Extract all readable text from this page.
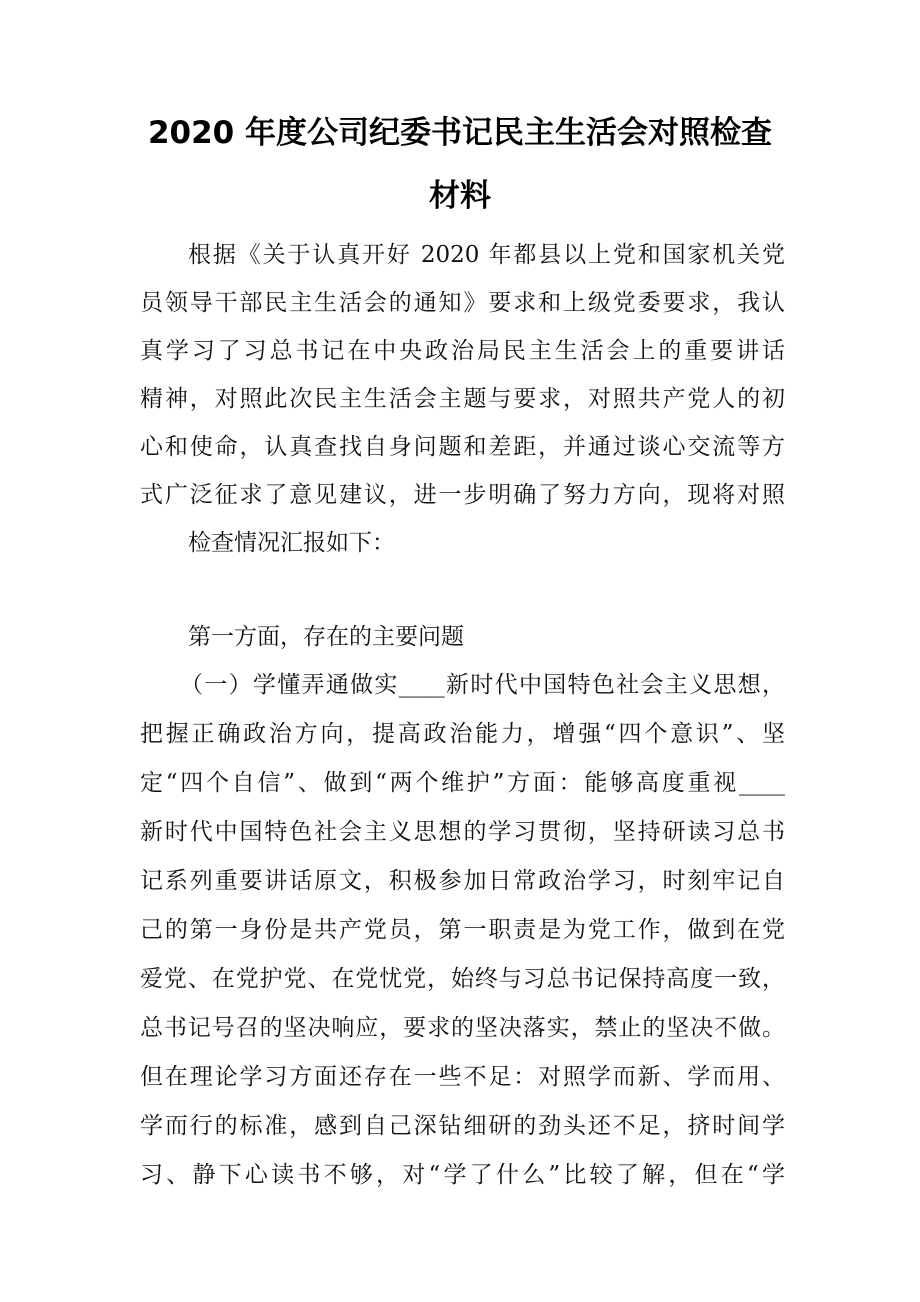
2020 年度公司纪委书记民主生活会对照检查
材料
根据《关于认真开好 2020 年都县以上党和国家机关党
员领导干部民主生活会的通知》要求和上级党委要求，我认
真学习了习总书记在中央政治局民主生活会上的重要讲话
精神，对照此次民主生活会主题与要求，对照共产党人的初
心和使命，认真查找自身问题和差距，并通过谈心交流等方
式广泛征求了意见建议，进一步明确了努力方向，现将对照
检查情况汇报如下：
第一方面，存在的主要问题
（一）学懂弄通做实____新时代中国特色社会主义思想，
把握正确政治方向，提高政治能力，增强“四个意识”、坚
定“四个自信”、做到“两个维护”方面：能够高度重视____
新时代中国特色社会主义思想的学习贯彻，坚持研读习总书
记系列重要讲话原文，积极参加日常政治学习，时刻牢记自
己的第一身份是共产党员，第一职责是为党工作，做到在党
爱党、在党护党、在党忧党，始终与习总书记保持高度一致，
总书记号召的坚决响应，要求的坚决落实，禁止的坚决不做。
但在理论学习方面还存在一些不足：对照学而新、学而用、
学而行的标准，感到自己深钻细研的劲头还不足，挤时间学
习、静下心读书不够，对“学了什么”比较了解，但在“学
